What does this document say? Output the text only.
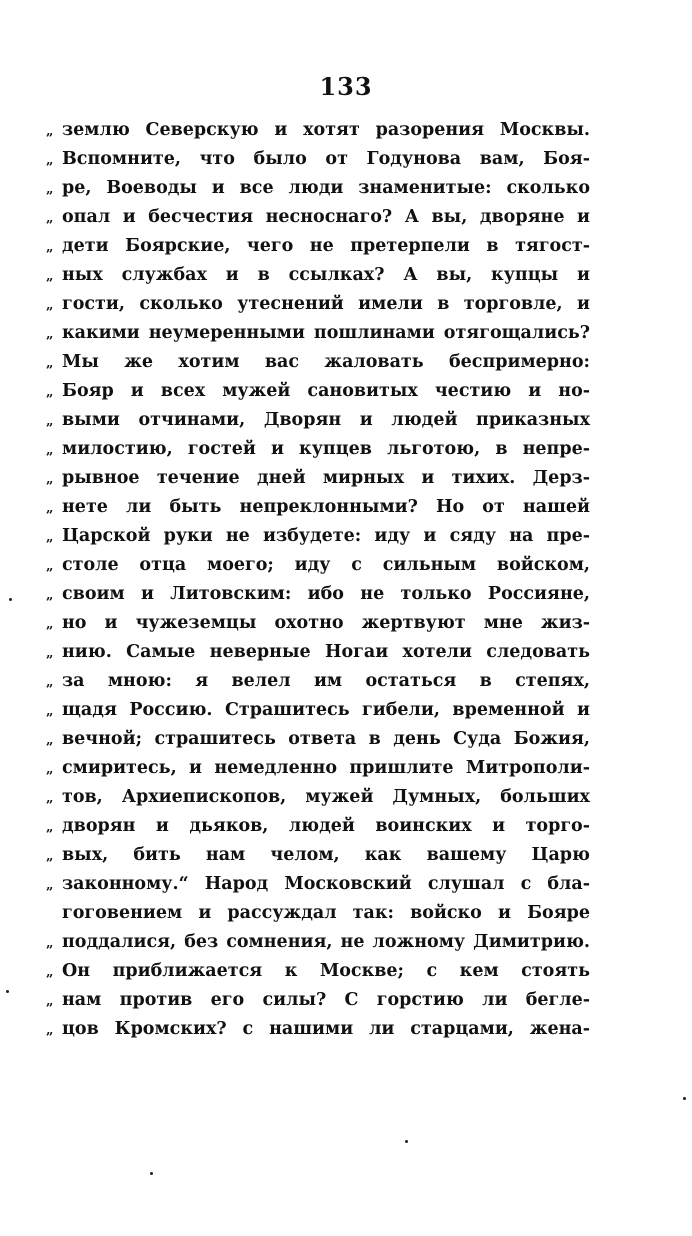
133
„ землю Северскую и хотят разорения Москвы.
„ Вспомните, что было от Годунова вам, Боя-
„ ре, Воеводы и все люди знаменитые: сколько
„ опал и бесчестия несноснаго? А вы, дворяне и
„ дети Боярские, чего не претерпели в тягост-
„ ных службах и в ссылках? А вы, купцы и
„ гости, сколько утеснений имели в торговле, и
„ какими неумеренными пошлинами отягощались?
„ Мы же хотим вас жаловать беспримерно:
„ Бояр и всех мужей сановитых честию и но-
„ выми отчинами, Дворян и людей приказных
„ милостию, гостей и купцев льготою, в непре-
„ рывное течение дней мирных и тихих. Дерз-
„ нете ли быть непреклонными? Но от нашей
„ Царской руки не избудете: иду и сяду на пре-
„ столе отца моего; иду с сильным войском,
„ своим и Литовским: ибо не только Россияне,
„ но и чужеземцы охотно жертвуют мне жиз-
„ нию. Самые неверные Ногаи хотели следовать
„ за мною: я велел им остаться в степях,
„ щадя Россию. Страшитесь гибели, временной и
„ вечной; страшитесь ответа в день Суда Божия,
„ смиритесь, и немедленно пришлите Митрополи-
„ тов, Архиепископов, мужей Думных, больших
„ дворян и дьяков, людей воинских и торго-
„ вых, бить нам челом, как вашему Царю
„ законному.“ Народ Московский слушал с бла-
гоговением и рассуждал так: войско и Бояре
„ поддалися, без сомнения, не ложному Димитрию.
„ Он приближается к Москве; с кем стоять
„ нам против его силы? С горстию ли бегле-
„ цов Кромских? с нашими ли старцами, жена-
